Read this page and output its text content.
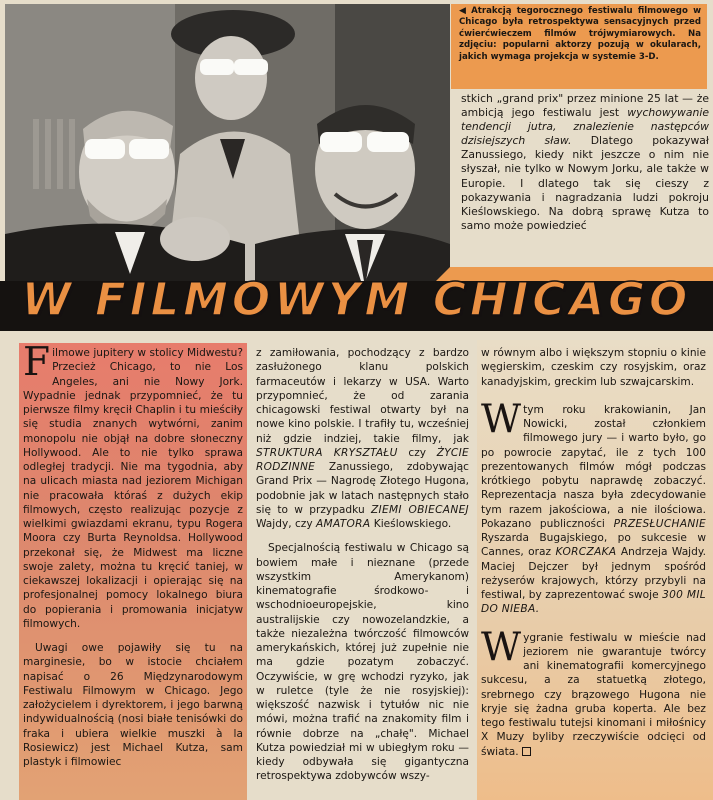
◀ Atrakcją tegorocznego festiwalu filmowego w Chicago była retrospektywa sensacyjnych przed ćwierćwieczem filmów trójwymiarowych. Na zdjęciu: popularni aktorzy pozują w okularach, jakich wymaga projekcja w systemie 3-D.
stkich „grand prix" przez minione 25 lat — że ambicją jego festiwalu jest wychowywanie tendencji jutra, znalezienie następców dzisiejszych sław. Dlatego pokazywał Zanussiego, kiedy nikt jeszcze o nim nie słyszał, nie tylko w Nowym Jorku, ale także w Europie. I dlatego tak się cieszy z pokazywania i nagradzania ludzi pokroju Kieślowskiego. Na dobrą sprawę Kutza to samo może powiedzieć
W FILMOWYM CHICAGO

Filmowe jupitery w stolicy Midwestu? Przecież Chicago, to nie Los Angeles, ani nie Nowy Jork. Wypadnie jednak przypomnieć, że tu pierwsze filmy kręcił Chaplin i tu mieściły się studia znanych wytwórni, zanim monopolu nie objął na dobre słoneczny Hollywood. Ale to nie tylko sprawa odległej tradycji. Nie ma tygodnia, aby na ulicach miasta nad jeziorem Michigan nie pracowała któraś z dużych ekip filmowych, często realizując pozycje z wielkimi gwiazdami ekranu, typu Rogera Moora czy Burta Reynoldsa. Hollywood przekonał się, że Midwest ma liczne swoje zalety, można tu kręcić taniej, w ciekawszej lokalizacji i opierając się na profesjonalnej pomocy lokalnego biura do popierania i promowania inicjatyw filmowych.

Uwagi owe pojawiły się tu na marginesie, bo w istocie chciałem napisać o 26 Międzynarodowym Festiwalu Filmowym w Chicago. Jego założycielem i dyrektorem, i jego barwną indywidualnością (nosi białe tenisówki do fraka i ubiera wielkie muszki à la Rosiewicz) jest Michael Kutza, sam plastyk i filmowiec

z zamiłowania, pochodzący z bardzo zasłużonego klanu polskich farmaceutów i lekarzy w USA. Warto przypomnieć, że od zarania chicagowski festiwal otwarty był na nowe kino polskie. I trafiły tu, wcześniej niż gdzie indziej, takie filmy, jak STRUKTURA KRYSZTAŁU czy ŻYCIE RODZINNE Zanussiego, zdobywając Grand Prix — Nagrodę Złotego Hugona, podobnie jak w latach następnych stało się to w przypadku ZIEMI OBIECANEJ Wajdy, czy AMATORA Kieślowskiego.

Specjalnością festiwalu w Chicago są bowiem małe i nieznane (przede wszystkim Amerykanom) kinematografie środkowo- i wschodnioeuropejskie, kino australijskie czy nowozelandzkie, a także niezależna twórczość filmowców amerykańskich, której już zupełnie nie ma gdzie pozatym zobaczyć. Oczywiście, w grę wchodzi ryzyko, jak w ruletce (tyle że nie rosyjskiej): większość nazwisk i tytułów nic nie mówi, można trafić na znakomity film i równie dobrze na „chałę". Michael Kutza powiedział mi w ubiegłym roku — kiedy odbywała się gigantyczna retrospektywa zdobywców wszy-

w równym albo i większym stopniu o kinie węgierskim, czeskim czy rosyjskim, oraz kanadyjskim, greckim lub szwajcarskim.

W tym roku krakowianin, Jan Nowicki, został członkiem filmowego jury — i warto było, go po powrocie zapytać, ile z tych 100 prezentowanych filmów mógł podczas krótkiego pobytu naprawdę zobaczyć. Reprezentacja nasza była zdecydowanie tym razem jakościowa, a nie ilościowa. Pokazano publiczności PRZESŁUCHANIE Ryszarda Bugajskiego, po sukcesie w Cannes, oraz KORCZAKA Andrzeja Wajdy. Maciej Dejczer był jednym spośród reżyserów krajowych, którzy przybyli na festiwal, by zaprezentować swoje 300 MIL DO NIEBA.

W ygranie festiwalu w mieście nad jeziorem nie gwarantuje twórcy ani kinematografii komercyjnego sukcesu, a za statuetką złotego, srebrnego czy brązowego Hugona nie kryje się żadna gruba koperta. Ale bez tego festiwalu tutejsi kinomani i miłośnicy X Muzy byliby rzeczywiście odcięci od świata.
